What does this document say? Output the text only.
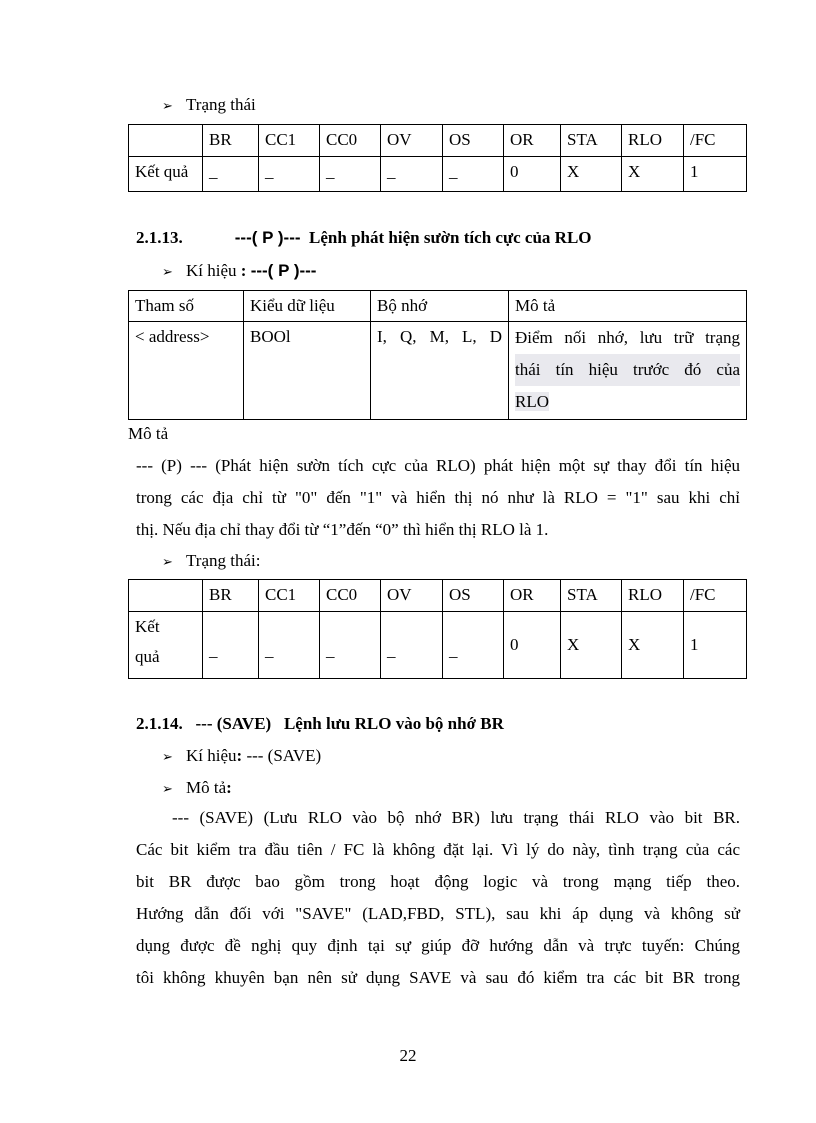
➢ Trạng thái
	BR	CC1	CC0	OV	OS	OR	STA	RLO	/FC
Kết quả	_	_	_	_	_	0	X	X	1
2.1.13.	---( P )--- Lệnh phát hiện sườn tích cực của RLO
➢ Kí hiệu : ---( P )---
Tham số	Kiểu dữ liệu	Bộ nhớ	Mô tả
< address>	BOOl	I, Q, M, L, D	Điểm nối nhớ, lưu trữ trạng
thái tín hiệu trước đó của
RLO
Mô tả

--- (P) --- (Phát hiện sườn tích cực của RLO) phát hiện một sự thay đổi tín hiệu

trong các địa chỉ từ "0" đến "1" và hiển thị nó như là RLO = "1" sau khi chỉ

thị. Nếu địa chỉ thay đổi từ “1”đến “0” thì hiển thị RLO là 1.

➢ Trạng thái:
	BR	CC1	CC0	OV	OS	OR	STA	RLO	/FC

Kết
quả	_	_	_	_	_	0	X	X	1
2.1.14. --- (SAVE) Lệnh lưu RLO vào bộ nhớ BR
➢ Kí hiệu: --- (SAVE)
➢ Mô tả:

--- (SAVE) (Lưu RLO vào bộ nhớ BR) lưu trạng thái RLO vào bit BR.

Các bit kiểm tra đầu tiên / FC là không đặt lại. Vì lý do này, tình trạng của các

bit BR được bao gồm trong hoạt động logic và trong mạng tiếp theo.

Hướng dẫn đối với "SAVE" (LAD,FBD, STL), sau khi áp dụng và không sử

dụng được đề nghị quy định tại sự giúp đỡ hướng dẫn và trực tuyến: Chúng

tôi không khuyên bạn nên sử dụng SAVE và sau đó kiểm tra các bit BR trong

22
